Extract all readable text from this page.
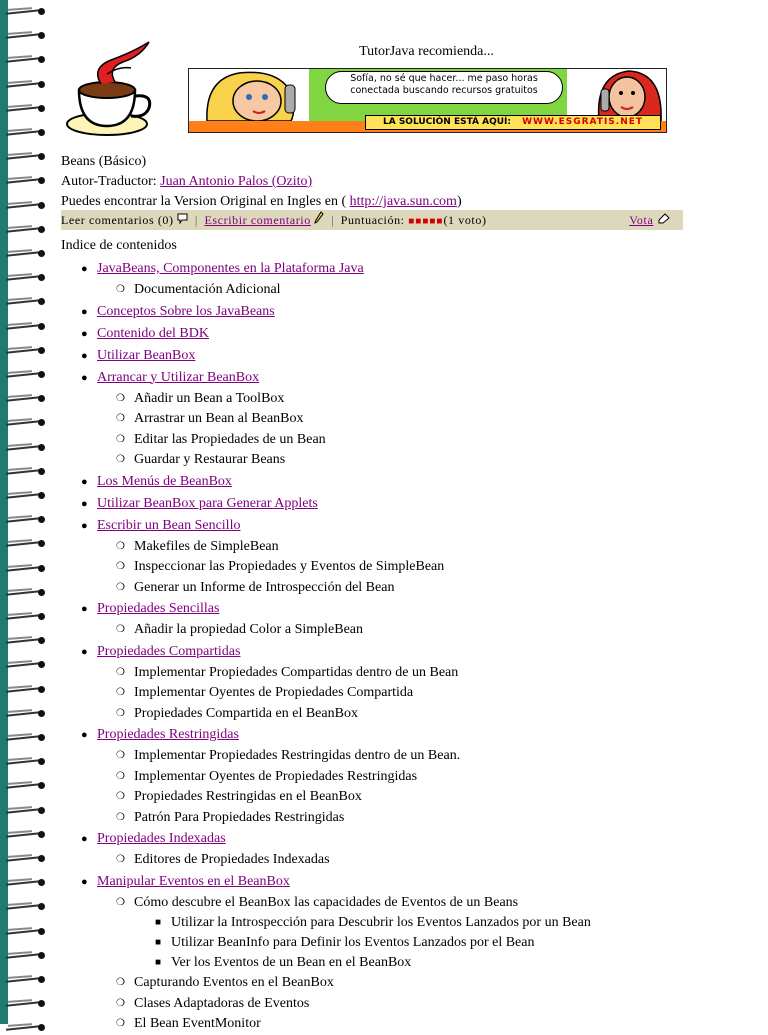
TutorJava recomienda...
Sofía, no sé que hacer... me paso horas
conectada buscando recursos gratuitos
LA SOLUCIÓN ESTÁ AQUÍ: WWW.ESGRATIS.NET
Beans (Básico)
Autor-Traductor: Juan Antonio Palos (Ozito)
Puedes encontrar la Version Original en Ingles en ( http://java.sun.com)
Leer comentarios (0) | Escribir comentario | Puntuación: ■■■■■(1 voto)	Vota
Indice de contenidos
● JavaBeans, Componentes en la Plataforma Java
❍ Documentación Adicional
● Conceptos Sobre los JavaBeans
● Contenido del BDK
● Utilizar BeanBox
● Arrancar y Utilizar BeanBox
❍ Añadir un Bean a ToolBox
❍ Arrastrar un Bean al BeanBox
❍ Editar las Propiedades de un Bean
❍ Guardar y Restaurar Beans
● Los Menús de BeanBox
● Utilizar BeanBox para Generar Applets
● Escribir un Bean Sencillo
❍ Makefiles de SimpleBean
❍ Inspeccionar las Propiedades y Eventos de SimpleBean
❍ Generar un Informe de Introspección del Bean
● Propiedades Sencillas
❍ Añadir la propiedad Color a SimpleBean
● Propiedades Compartidas
❍ Implementar Propiedades Compartidas dentro de un Bean
❍ Implementar Oyentes de Propiedades Compartida
❍ Propiedades Compartida en el BeanBox
● Propiedades Restringidas
❍ Implementar Propiedades Restringidas dentro de un Bean.
❍ Implementar Oyentes de Propiedades Restringidas
❍ Propiedades Restringidas en el BeanBox
❍ Patrón Para Propiedades Restringidas
● Propiedades Indexadas
❍ Editores de Propiedades Indexadas
● Manipular Eventos en el BeanBox
❍ Cómo descubre el BeanBox las capacidades de Eventos de un Beans
■ Utilizar la Introspección para Descubrir los Eventos Lanzados por un Bean
■ Utilizar BeanInfo para Definir los Eventos Lanzados por el Bean
■ Ver los Eventos de un Bean en el BeanBox
❍ Capturando Eventos en el BeanBox
❍ Clases Adaptadoras de Eventos
❍ El Bean EventMonitor
